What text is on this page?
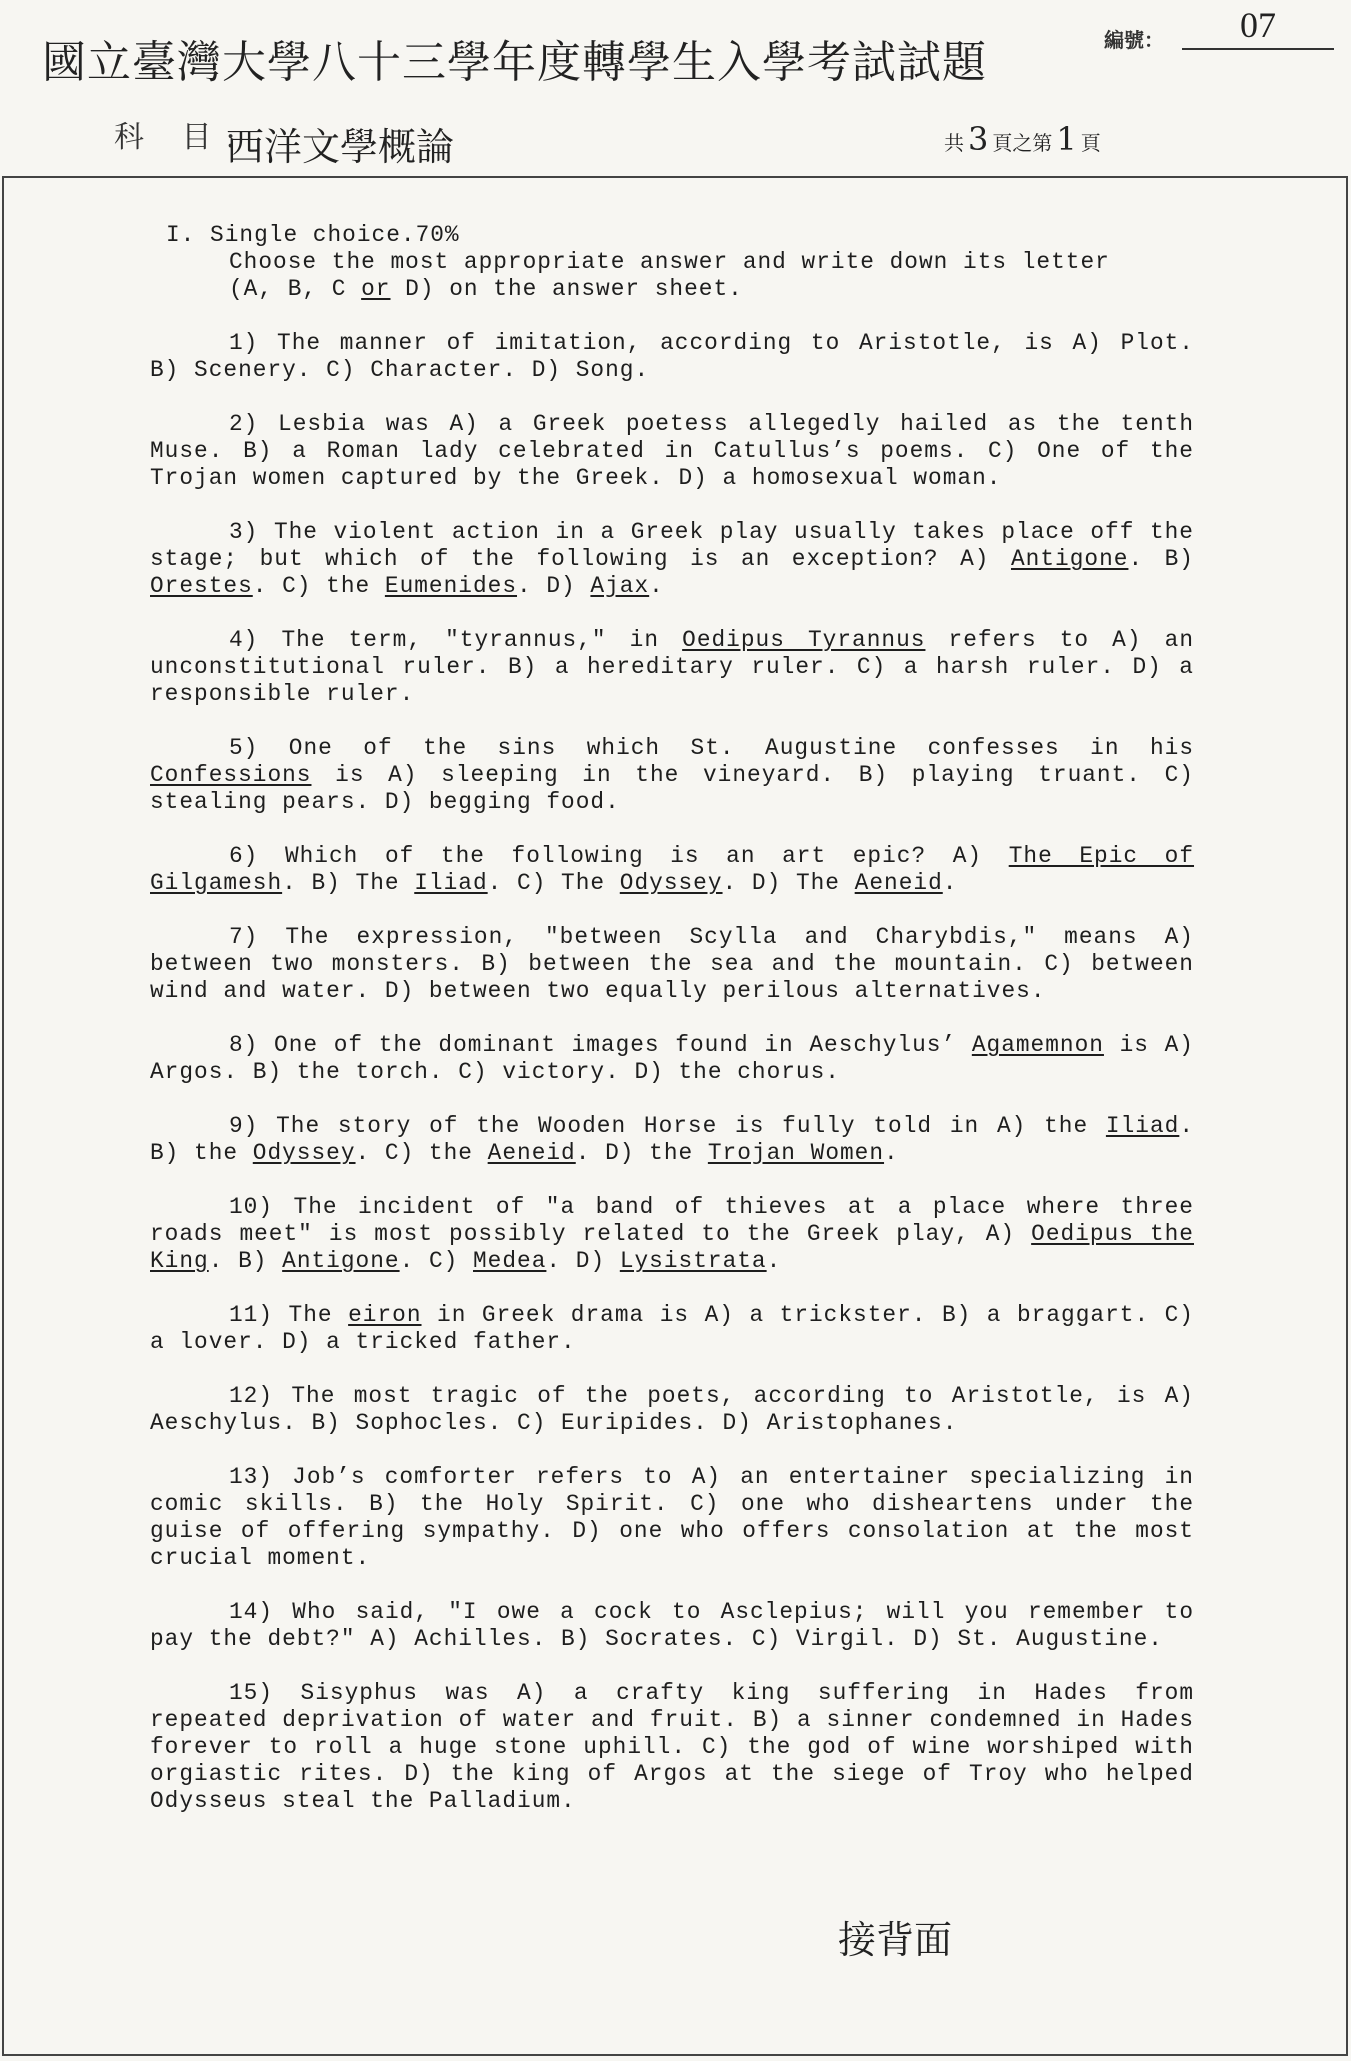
國立臺灣大學八十三學年度轉學生入學考試試題	編號：	07
科 目:
西洋文學概論	共 3 頁之第 1 頁

I. Single choice.70%

Choose the most appropriate answer and write down its letter

(A, B, C or D) on the answer sheet.

1) The manner of imitation, according to Aristotle, is A) Plot. B) Scenery. C) Character. D) Song.

2) Lesbia was A) a Greek poetess allegedly hailed as the tenth Muse. B) a Roman lady celebrated in Catullus’s poems. C) One of the Trojan women captured by the Greek. D) a homosexual woman.

3) The violent action in a Greek play usually takes place off the stage; but which of the following is an exception? A) Antigone. B) Orestes. C) the Eumenides. D) Ajax.

4) The term, "tyrannus," in Oedipus Tyrannus refers to A) an unconstitutional ruler. B) a hereditary ruler. C) a harsh ruler. D) a responsible ruler.

5) One of the sins which St. Augustine confesses in his Confessions is A) sleeping in the vineyard. B) playing truant. C) stealing pears. D) begging food.

6) Which of the following is an art epic? A) The Epic of Gilgamesh. B) The Iliad. C) The Odyssey. D) The Aeneid.

7) The expression, "between Scylla and Charybdis," means A) between two monsters. B) between the sea and the mountain. C) between wind and water. D) between two equally perilous alternatives.

8) One of the dominant images found in Aeschylus’ Agamemnon is A) Argos. B) the torch. C) victory. D) the chorus.

9) The story of the Wooden Horse is fully told in A) the Iliad. B) the Odyssey. C) the Aeneid. D) the Trojan Women.

10) The incident of "a band of thieves at a place where three roads meet" is most possibly related to the Greek play, A) Oedipus the King. B) Antigone. C) Medea. D) Lysistrata.

11) The eiron in Greek drama is A) a trickster. B) a braggart. C) a lover. D) a tricked father.

12) The most tragic of the poets, according to Aristotle, is A) Aeschylus. B) Sophocles. C) Euripides. D) Aristophanes.

13) Job’s comforter refers to A) an entertainer specializing in comic skills. B) the Holy Spirit. C) one who disheartens under the guise of offering sympathy. D) one who offers consolation at the most crucial moment.

14) Who said, "I owe a cock to Asclepius; will you remember to pay the debt?" A) Achilles. B) Socrates. C) Virgil. D) St. Augustine.

15) Sisyphus was A) a crafty king suffering in Hades from repeated deprivation of water and fruit. B) a sinner condemned in Hades forever to roll a huge stone uphill. C) the god of wine worshiped with orgiastic rites. D) the king of Argos at the siege of Troy who helped Odysseus steal the Palladium.

接背面
